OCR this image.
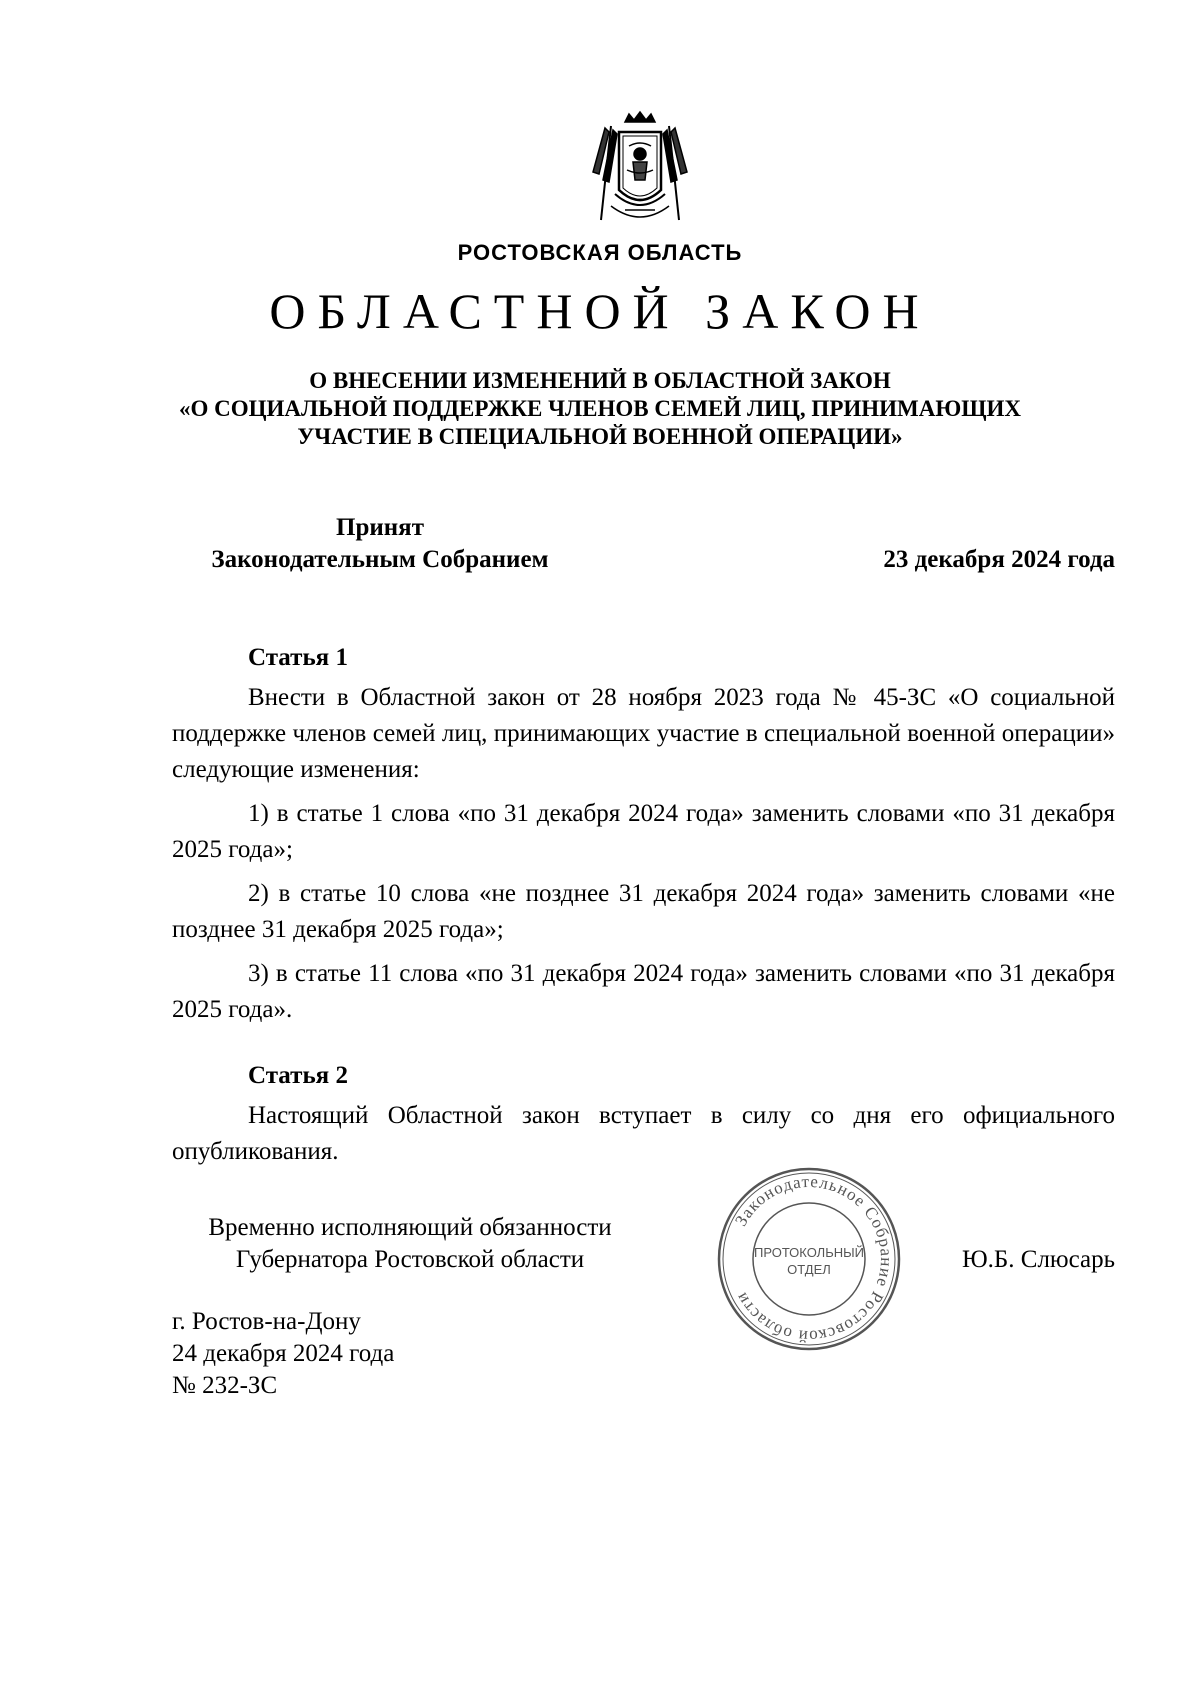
РОСТОВСКАЯ ОБЛАСТЬ
ОБЛАСТНОЙ ЗАКОН
О ВНЕСЕНИИ ИЗМЕНЕНИЙ В ОБЛАСТНОЙ ЗАКОН
«О СОЦИАЛЬНОЙ ПОДДЕРЖКЕ ЧЛЕНОВ СЕМЕЙ ЛИЦ, ПРИНИМАЮЩИХ
УЧАСТИЕ В СПЕЦИАЛЬНОЙ ВОЕННОЙ ОПЕРАЦИИ»
Принят
Законодательным Собранием	23 декабря 2024 года

Статья 1

Внести в Областной закон от 28 ноября 2023 года № 45-ЗС «О социальной поддержке членов семей лиц, принимающих участие в специальной военной операции» следующие изменения:

1) в статье 1 слова «по 31 декабря 2024 года» заменить словами «по 31 декабря 2025 года»;

2) в статье 10 слова «не позднее 31 декабря 2024 года» заменить словами «не позднее 31 декабря 2025 года»;

3) в статье 11 слова «по 31 декабря 2024 года» заменить словами «по 31 декабря 2025 года».

Статья 2

Настоящий Областной закон вступает в силу со дня его официального опубликования.

Временно исполняющий обязанности
Губернатора Ростовской области
Законодательное Собрание Ростовской области
ПРОТОКОЛЬНЫЙ
ОТДЕЛ	Ю.Б. Слюсарь
г. Ростов-на-Дону
24 декабря 2024 года
№ 232-ЗС
